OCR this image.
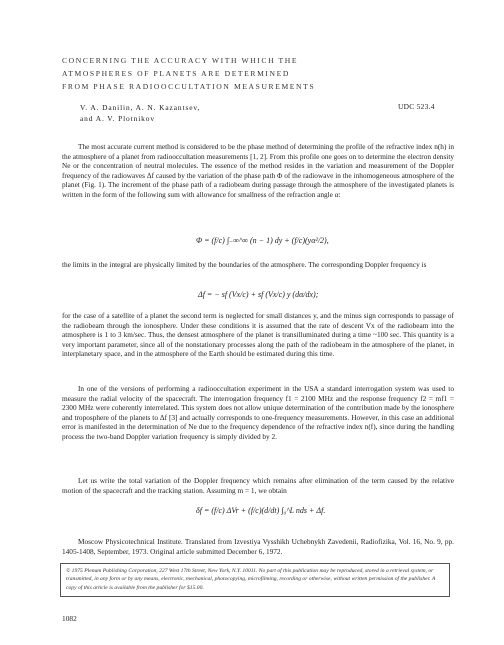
CONCERNING THE ACCURACY WITH WHICH THE
ATMOSPHERES OF PLANETS ARE DETERMINED
FROM PHASE RADIOOCCULTATION MEASUREMENTS
V. A. Danilin, A. N. Kazantsev,
and A. V. Plotnikov
UDC 523.4
The most accurate current method is considered to be the phase method of determining the profile of the refractive index n(h) in the atmosphere of a planet from radiooccultation measurements [1, 2]. From this profile one goes on to determine the electron density Ne or the concentration of neutral molecules. The essence of the method resides in the variation and measurement of the Doppler frequency of the radiowaves Δf caused by the variation of the phase path Φ of the radiowave in the inhomogeneous atmosphere of the planet (Fig. 1). The increment of the phase path of a radiobeam during passage through the atmosphere of the investigated planets is written in the form of the following sum with allowance for smallness of the refraction angle α:
Φ = (f/c) ∫₋∞^∞ (n − 1) dy + (f/c)(yα²/2),
the limits in the integral are physically limited by the boundaries of the atmosphere. The corresponding Doppler frequency is
Δf = − sf (Vx/c) + sf (Vx/c) y (dα/dx);
for the case of a satellite of a planet the second term is neglected for small distances y, and the minus sign corresponds to passage of the radiobeam through the ionosphere. Under these conditions it is assumed that the rate of descent Vx of the radiobeam into the atmosphere is 1 to 3 km/sec. Thus, the densest atmosphere of the planet is transilluminated during a time ~100 sec. This quantity is a very important parameter, since all of the nonstationary processes along the path of the radiobeam in the atmosphere of the planet, in interplanetary space, and in the atmosphere of the Earth should be estimated during this time.
In one of the versions of performing a radiooccultation experiment in the USA a standard interrogation system was used to measure the radial velocity of the spacecraft. The interrogation frequency f1 = 2100 MHz and the response frequency f2 = mf1 = 2300 MHz were coherently interrelated. This system does not allow unique determination of the contribution made by the ionosphere and troposphere of the planets to Δf [3] and actually corresponds to one-frequency measurements. However, in this case an additional error is manifested in the determination of Ne due to the frequency dependence of the refractive index n(f), since during the handling process the two-band Doppler variation frequency is simply divided by 2.
Let us write the total variation of the Doppler frequency which remains after elimination of the term caused by the relative motion of the spacecraft and the tracking station. Assuming m = 1, we obtain
δf = (f/c) ΔVr + (f/c)(d/dt) ∫₀^L nds + Δf.
Moscow Physicotechnical Institute. Translated from Izvestiya Vysshikh Uchebnykh Zavedenii, Radiofizika, Vol. 16, No. 9, pp. 1405-1408, September, 1973. Original article submitted December 6, 1972.
© 1975 Plenum Publishing Corporation, 227 West 17th Street, New York, N.Y. 10011. No part of this publication may be reproduced, stored in a retrieval system, or transmitted, in any form or by any means, electronic, mechanical, photocopying, microfilming, recording or otherwise, without written permission of the publisher. A copy of this article is available from the publisher for $15.00.
1082
